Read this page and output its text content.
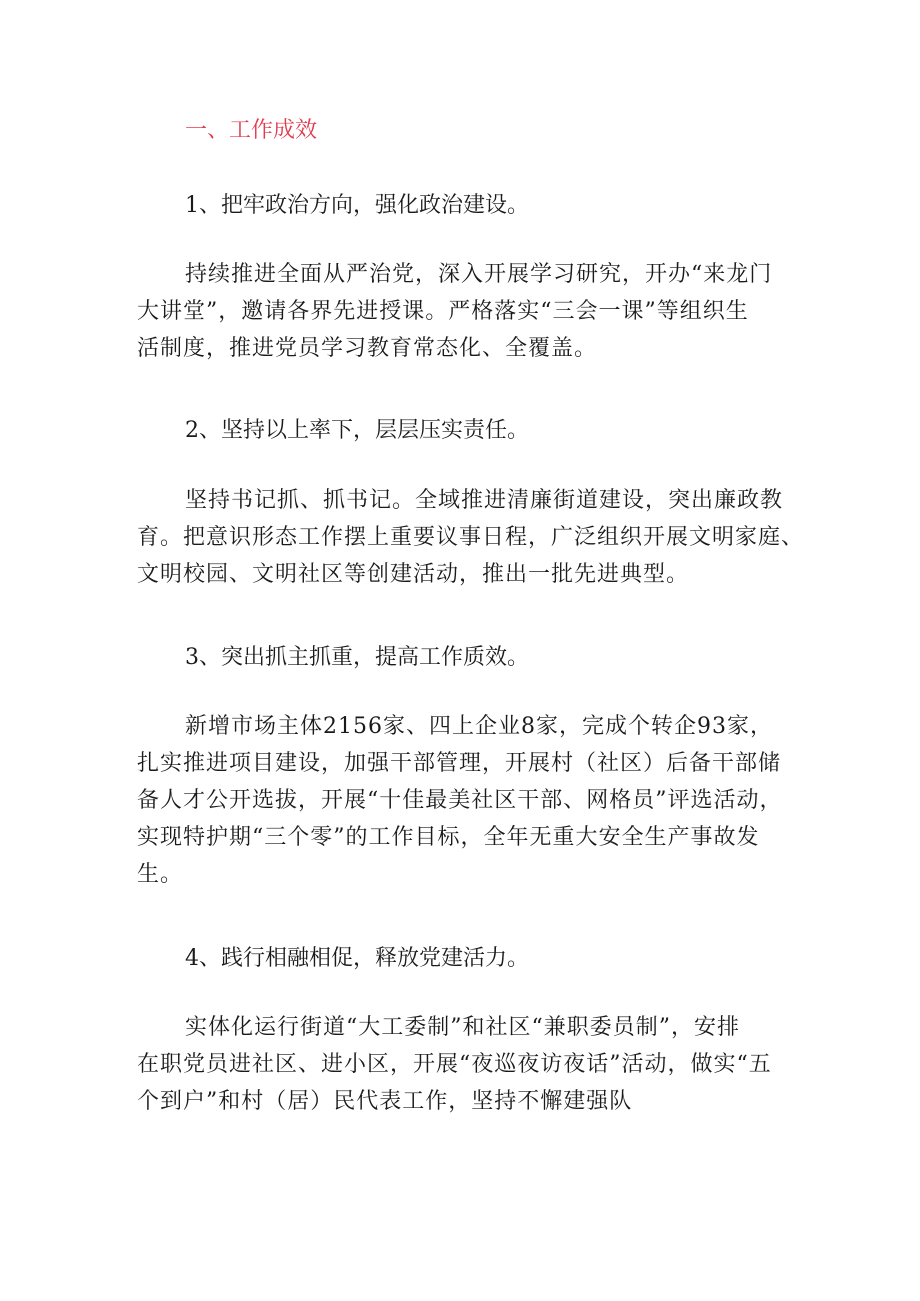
一、工作成效
1、把牢政治方向，强化政治建设。
持续推进全面从严治党，深入开展学习研究，开办“来龙门
大讲堂”，邀请各界先进授课。严格落实“三会一课”等组织生
活制度，推进党员学习教育常态化、全覆盖。
2、坚持以上率下，层层压实责任。
坚持书记抓、抓书记。全域推进清廉街道建设，突出廉政教
育。把意识形态工作摆上重要议事日程，广泛组织开展文明家庭、
文明校园、文明社区等创建活动，推出一批先进典型。
3、突出抓主抓重，提高工作质效。
新增市场主体2156家、四上企业8家，完成个转企93家，
扎实推进项目建设，加强干部管理，开展村（社区）后备干部储
备人才公开选拔，开展“十佳最美社区干部、网格员”评选活动，
实现特护期“三个零”的工作目标，全年无重大安全生产事故发
生。
4、践行相融相促，释放党建活力。
实体化运行街道“大工委制”和社区“兼职委员制”，安排
在职党员进社区、进小区，开展“夜巡夜访夜话”活动，做实“五
个到户”和村（居）民代表工作，坚持不懈建强队
